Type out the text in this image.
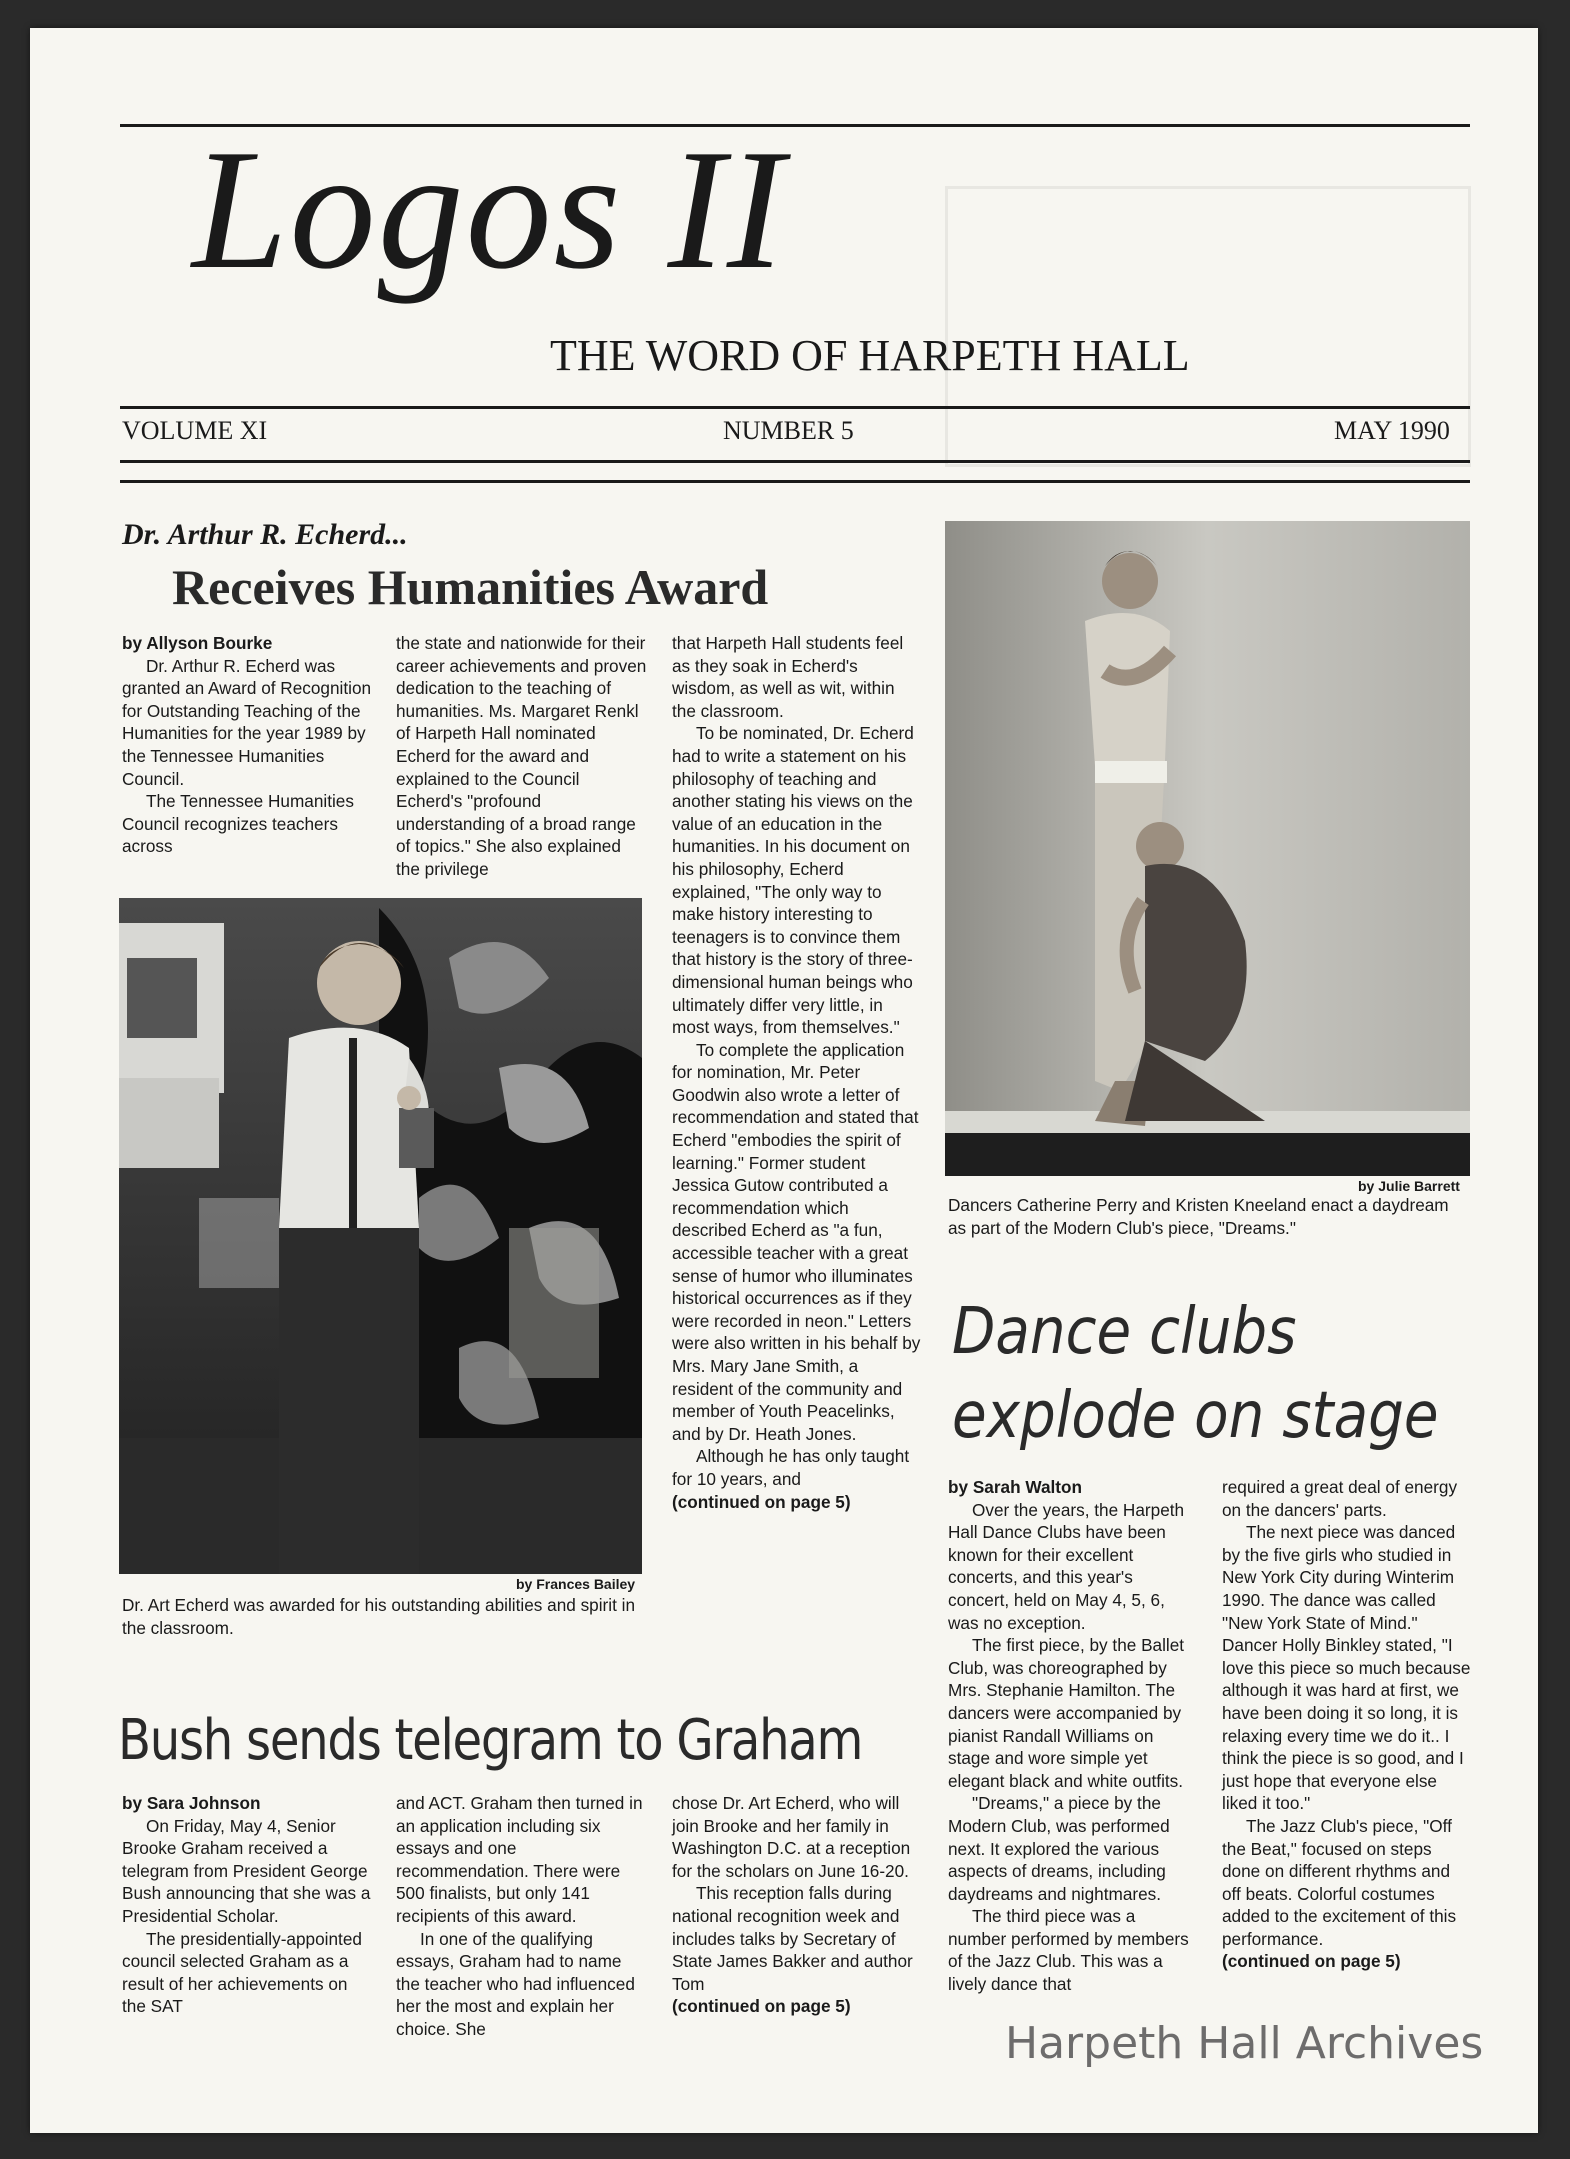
Logos II
THE WORD OF HARPETH HALL
VOLUME XI	NUMBER 5	MAY 1990
Dr. Arthur R. Echerd...
Receives Humanities Award

by Allyson Bourke

Dr. Arthur R. Echerd was granted an Award of Recognition for Outstanding Teaching of the Humanities for the year 1989 by the Tennessee Humanities Council.

The Tennessee Humanities Council recognizes teachers across

the state and nationwide for their career achievements and proven dedication to the teaching of humanities. Ms. Margaret Renkl of Harpeth Hall nominated Echerd for the award and explained to the Council Echerd's "profound understanding of a broad range of topics." She also explained the privilege

that Harpeth Hall students feel as they soak in Echerd's wisdom, as well as wit, within the classroom.

To be nominated, Dr. Echerd had to write a statement on his philosophy of teaching and another stating his views on the value of an education in the humanities. In his document on his philosophy, Echerd explained, "The only way to make history interesting to teenagers is to convince them that history is the story of three-dimensional human beings who ultimately differ very little, in most ways, from themselves."

To complete the application for nomination, Mr. Peter Goodwin also wrote a letter of recommendation and stated that Echerd "embodies the spirit of learning." Former student Jessica Gutow contributed a recommendation which described Echerd as "a fun, accessible teacher with a great sense of humor who illuminates historical occurrences as if they were recorded in neon." Letters were also written in his behalf by Mrs. Mary Jane Smith, a resident of the community and member of Youth Peacelinks, and by Dr. Heath Jones.

Although he has only taught for 10 years, and

(continued on page 5)

by Frances Bailey
Dr. Art Echerd was awarded for his outstanding abilities and spirit in the classroom.
by Julie Barrett
Dancers Catherine Perry and Kristen Kneeland enact a daydream as part of the Modern Club's piece, "Dreams."
Bush sends telegram to Graham

by Sara Johnson

On Friday, May 4, Senior Brooke Graham received a telegram from President George Bush announcing that she was a Presidential Scholar.

The presidentially-appointed council selected Graham as a result of her achievements on the SAT

and ACT. Graham then turned in an application including six essays and one recommendation. There were 500 finalists, but only 141 recipients of this award.

In one of the qualifying essays, Graham had to name the teacher who had influenced her the most and explain her choice. She

chose Dr. Art Echerd, who will join Brooke and her family in Washington D.C. at a reception for the scholars on June 16-20.

This reception falls during national recognition week and includes talks by Secretary of State James Bakker and author Tom

(continued on page 5)

Dance clubs
explode on stage

by Sarah Walton

Over the years, the Harpeth Hall Dance Clubs have been known for their excellent concerts, and this year's concert, held on May 4, 5, 6, was no exception.

The first piece, by the Ballet Club, was choreographed by Mrs. Stephanie Hamilton. The dancers were accompanied by pianist Randall Williams on stage and wore simple yet elegant black and white outfits.

"Dreams," a piece by the Modern Club, was performed next. It explored the various aspects of dreams, including daydreams and nightmares.

The third piece was a number performed by members of the Jazz Club. This was a lively dance that

required a great deal of energy on the dancers' parts.

The next piece was danced by the five girls who studied in New York City during Winterim 1990. The dance was called "New York State of Mind." Dancer Holly Binkley stated, "I love this piece so much because although it was hard at first, we have been doing it so long, it is relaxing every time we do it.. I think the piece is so good, and I just hope that everyone else liked it too."

The Jazz Club's piece, "Off the Beat," focused on steps done on different rhythms and off beats. Colorful costumes added to the excitement of this performance.

(continued on page 5)

Harpeth Hall Archives
